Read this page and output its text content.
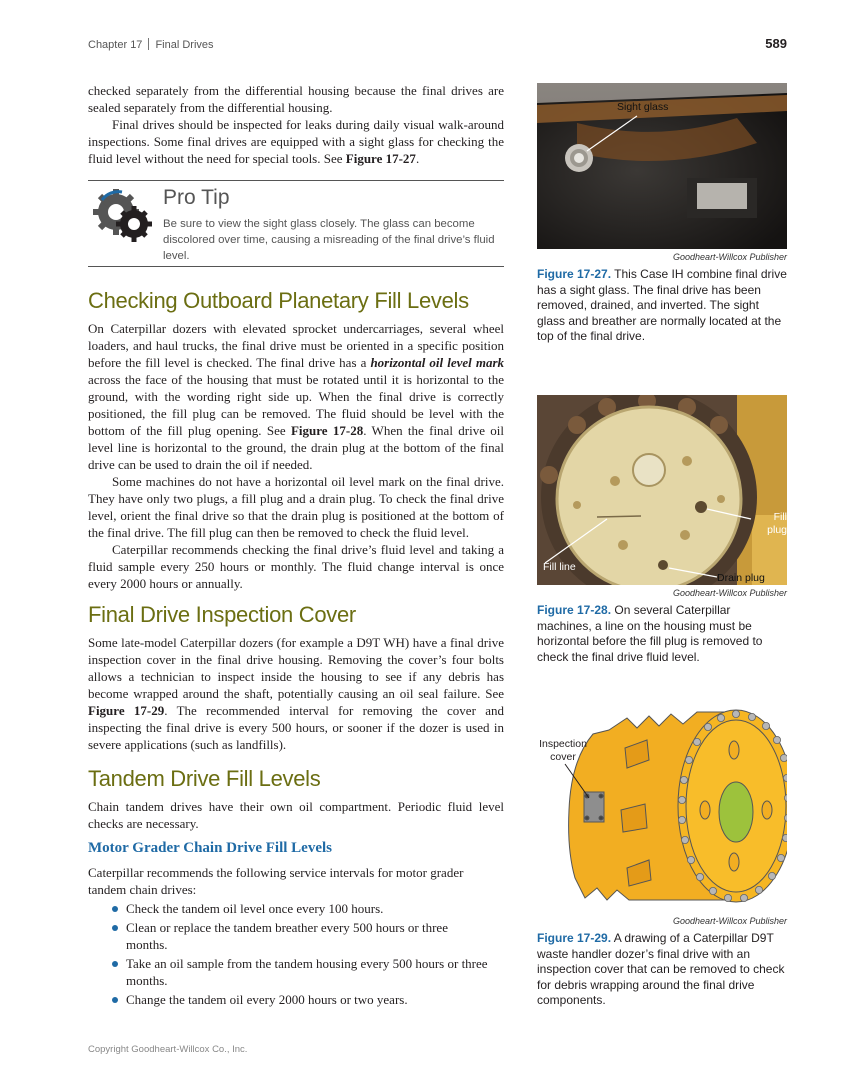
Chapter 17 Final Drives	589

checked separately from the differential housing because the final drives are sealed separately from the differential housing.

Final drives should be inspected for leaks during daily visual walk-around inspections. Some final drives are equipped with a sight glass for checking the fluid level without the need for special tools. See Figure 17-27.

Pro Tip
Be sure to view the sight glass closely. The glass can become discolored over time, causing a misreading of the final drive’s fluid level.
Checking Outboard Planetary Fill Levels

On Caterpillar dozers with elevated sprocket undercarriages, several wheel loaders, and haul trucks, the final drive must be oriented in a specific position before the fill level is checked. The final drive has a horizontal oil level mark across the face of the housing that must be rotated until it is horizontal to the ground, with the wording right side up. When the final drive is correctly positioned, the fill plug can be removed. The fluid should be level with the bottom of the fill plug opening. See Figure 17-28. When the final drive oil level line is horizontal to the ground, the drain plug at the bottom of the final drive can be used to drain the oil if needed.

Some machines do not have a horizontal oil level mark on the final drive. They have only two plugs, a fill plug and a drain plug. To check the final drive level, orient the final drive so that the drain plug is positioned at the bottom of the final drive. The fill plug can then be removed to check the fluid level.

Caterpillar recommends checking the final drive’s fluid level and taking a fluid sample every 250 hours or monthly. The fluid change interval is once every 2000 hours or annually.

Final Drive Inspection Cover

Some late-model Caterpillar dozers (for example a D9T WH) have a final drive inspection cover in the final drive housing. Removing the cover’s four bolts allows a technician to inspect inside the housing to see if any debris has become wrapped around the shaft, potentially causing an oil seal failure. See Figure 17-29. The recommended interval for removing the cover and inspecting the final drive is every 500 hours, or sooner if the dozer is used in severe applications (such as landfills).

Tandem Drive Fill Levels

Chain tandem drives have their own oil compartment. Periodic fluid level checks are necessary.

Motor Grader Chain Drive Fill Levels

Caterpillar recommends the following service intervals for motor grader tandem chain drives:

Check the tandem oil level once every 100 hours.
Clean or replace the tandem breather every 500 hours or three months.
Take an oil sample from the tandem housing every 500 hours or three months.
Change the tandem oil every 2000 hours or two years.
Sight glass
Goodheart-Willcox Publisher
Figure 17-27. This Case IH combine final drive has a sight glass. The final drive has been removed, drained, and inverted. The sight glass and breather are normally located at the top of the final drive.
Fill plug
Fill line
Drain plug
Goodheart-Willcox Publisher
Figure 17-28. On several Caterpillar machines, a line on the housing must be horizontal before the fill plug is removed to check the final drive fluid level.
Inspection cover
Goodheart-Willcox Publisher
Figure 17-29. A drawing of a Caterpillar D9T waste handler dozer’s final drive with an inspection cover that can be removed to check for debris wrapping around the final drive components.
Copyright Goodheart-Willcox Co., Inc.
